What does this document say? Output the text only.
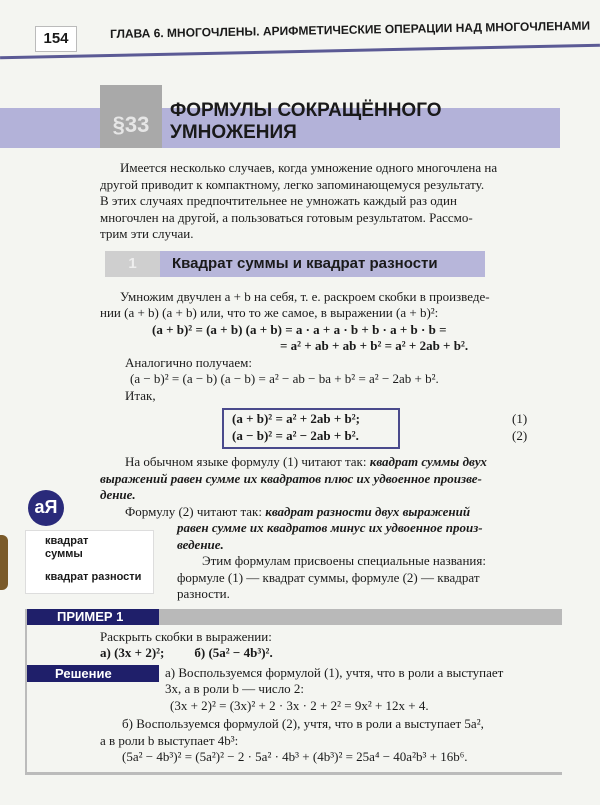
154	ГЛАВА 6. МНОГОЧЛЕНЫ. АРИФМЕТИЧЕСКИЕ ОПЕРАЦИИ НАД МНОГОЧЛЕНАМИ
§33
ФОРМУЛЫ СОКРАЩЁННОГО
УМНОЖЕНИЯ
аЯ
квадрат
суммы
квадрат разности
Имеется несколько случаев, когда умножение одного многочлена на
другой приводит к компактному, легко запоминающемуся результату.
В этих случаях предпочтительнее не умножать каждый раз один
многочлен на другой, а пользоваться готовым результатом. Рассмо-
трим эти случаи.
1	Квадрат суммы и квадрат разности
Умножим двучлен a + b на себя, т. е. раскроем скобки в произведе-
нии (a + b) (a + b) или, что то же самое, в выражении (a + b)²:
(a + b)² = (a + b) (a + b) = a · a + a · b + b · a + b · b =
= a² + ab + ab + b² = a² + 2ab + b².
Аналогично получаем:
(a − b)² = (a − b) (a − b) = a² − ab − ba + b² = a² − 2ab + b².
Итак,
(a + b)² = a² + 2ab + b²;
(a − b)² = a² − 2ab + b².
(1)
(2)
На обычном языке формулу (1) читают так: квадрат суммы двух
выражений равен сумме их квадратов плюс их удвоенное произве-
дение.
Формулу (2) читают так: квадрат разности двух выражений
равен сумме их квадратов минус их удвоенное произ-
ведение.
Этим формулам присвоены специальные названия:
формуле (1) — квадрат суммы, формуле (2) — квадрат
разности.
ПРИМЕР 1
Раскрыть скобки в выражении:
а) (3x + 2)²; б) (5a² − 4b³)².
Решение	а) Воспользуемся формулой (1), учтя, что в роли a выступает
3x, а в роли b — число 2:
(3x + 2)² = (3x)² + 2 · 3x · 2 + 2² = 9x² + 12x + 4.
б) Воспользуемся формулой (2), учтя, что в роли a выступает 5a²,
а в роли b выступает 4b³:
(5a² − 4b³)² = (5a²)² − 2 · 5a² · 4b³ + (4b³)² = 25a⁴ − 40a²b³ + 16b⁶.
